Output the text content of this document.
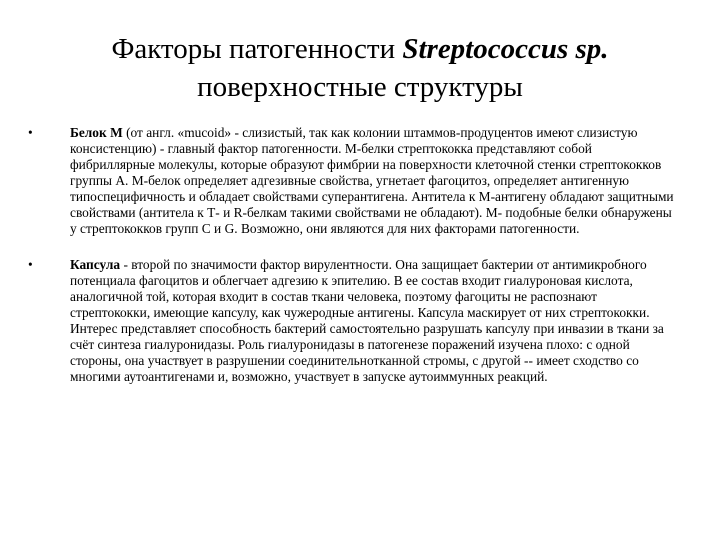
Факторы патогенности Streptococcus sp.
поверхностные структуры
•	Белок М (от англ. «mucoid» - слизистый, так как колонии штаммов-продуцентов имеют слизистую консистенцию) - главный фактор патогенности. М-белки стрептококка представляют собой фибриллярные молекулы, которые образуют фимбрии на поверхности клеточной стенки стрептококков группы А. М-белок определяет адгезивные свойства, угнетает фагоцитоз, определяет антигенную типоспецифичность и обладает свойствами суперантигена. Антитела к М-антигену обладают защитными свойствами (антитела к Т- и R-белкам такими свойствами не обладают). М- подобные белки обнаружены у стрептококков групп С и G. Возможно, они являются для них факторами патогенности.
•	Капсула - второй по значимости фактор вирулентности. Она защищает бактерии от антимикробного потенциала фагоцитов и облегчает адгезию к эпителию. В ее состав входит гиалуроновая кислота, аналогичной той, которая входит в состав ткани человека, поэтому фагоциты не распознают стрептококки, имеющие капсулу, как чужеродные антигены. Капсула маскирует от них стрептококки. Интерес представляет способность бактерий самостоятельно разрушать капсулу при инвазии в ткани за счёт синтеза гиалуронидазы. Роль гиалуронидазы в патогенезе поражений изучена плохо: с одной стороны, она участвует в разрушении соединительнотканной стромы, с другой -- имеет сходство со многими аутоантигенами и, возможно, участвует в запуске аутоиммунных реакций.
